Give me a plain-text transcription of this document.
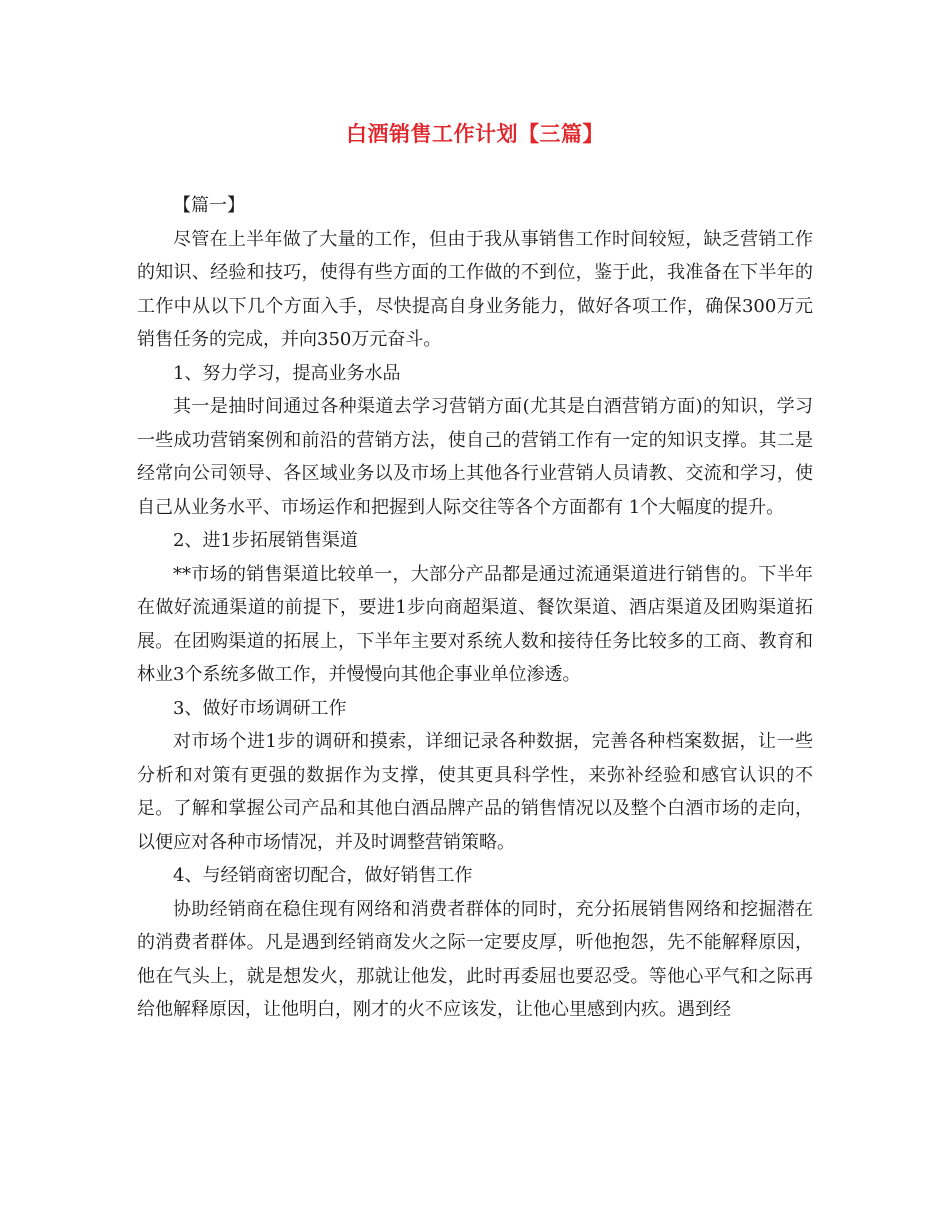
白酒销售工作计划【三篇】

【篇一】

尽管在上半年做了大量的工作，但由于我从事销售工作时间较短，缺乏营销工作的知识、经验和技巧，使得有些方面的工作做的不到位，鉴于此，我准备在下半年的工作中从以下几个方面入手，尽快提高自身业务能力，做好各项工作，确保300万元销售任务的完成，并向350万元奋斗。

1、努力学习，提高业务水品

其一是抽时间通过各种渠道去学习营销方面(尤其是白酒营销方面)的知识，学习一些成功营销案例和前沿的营销方法，使自己的营销工作有一定的知识支撑。其二是经常向公司领导、各区域业务以及市场上其他各行业营销人员请教、交流和学习，使自己从业务水平、市场运作和把握到人际交往等各个方面都有 1个大幅度的提升。

2、进1步拓展销售渠道

**市场的销售渠道比较单一，大部分产品都是通过流通渠道进行销售的。下半年在做好流通渠道的前提下，要进1步向商超渠道、餐饮渠道、酒店渠道及团购渠道拓展。在团购渠道的拓展上，下半年主要对系统人数和接待任务比较多的工商、教育和林业3个系统多做工作，并慢慢向其他企事业单位渗透。

3、做好市场调研工作

对市场个进1步的调研和摸索，详细记录各种数据，完善各种档案数据，让一些分析和对策有更强的数据作为支撑，使其更具科学性，来弥补经验和感官认识的不足。了解和掌握公司产品和其他白酒品牌产品的销售情况以及整个白酒市场的走向，以便应对各种市场情况，并及时调整营销策略。

4、与经销商密切配合，做好销售工作

协助经销商在稳住现有网络和消费者群体的同时，充分拓展销售网络和挖掘潜在的消费者群体。凡是遇到经销商发火之际一定要皮厚，听他抱怨，先不能解释原因，他在气头上，就是想发火，那就让他发，此时再委屈也要忍受。等他心平气和之际再给他解释原因，让他明白，刚才的火不应该发，让他心里感到内疚。遇到经
